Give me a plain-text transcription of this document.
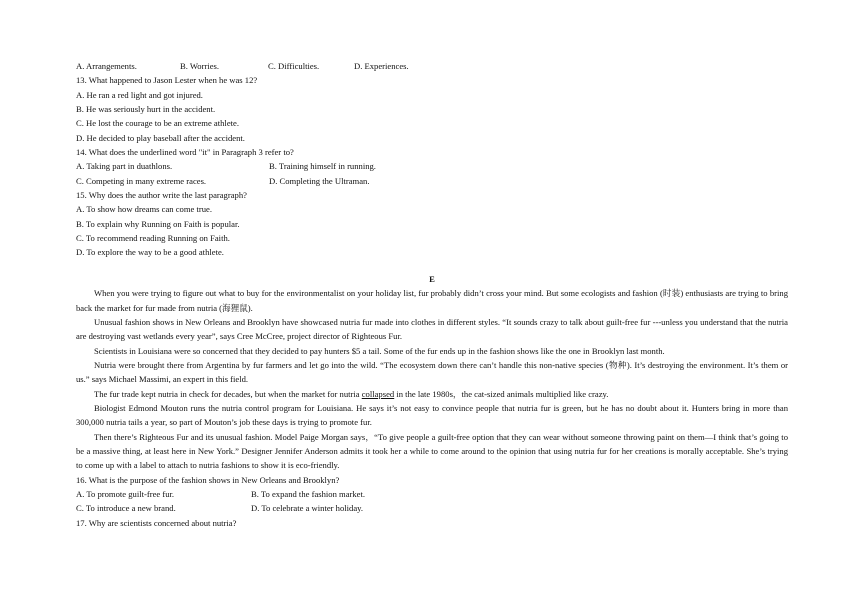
A. Arrangements.	B. Worries.	C. Difficulties.	D. Experiences.
13. What happened to Jason Lester when he was 12?
A. He ran a red light and got injured.
B. He was seriously hurt in the accident.
C. He lost the courage to be an extreme athlete.
D. He decided to play baseball after the accident.
14. What does the underlined word "it" in Paragraph 3 refer to?
A. Taking part in duathlons.	B. Training himself in running.
C. Competing in many extreme races.	D. Completing the Ultraman.
15. Why does the author write the last paragraph?
A. To show how dreams can come true.
B. To explain why Running on Faith is popular.
C. To recommend reading Running on Faith.
D. To explore the way to be a good athlete.
E
When you were trying to figure out what to buy for the environmentalist on your holiday list, fur probably didn’t cross your mind. But some ecologists and fashion (时装) enthusiasts are trying to bring back the market for fur made from nutria (海狸鼠).
Unusual fashion shows in New Orleans and Brooklyn have showcased nutria fur made into clothes in different styles. “It sounds crazy to talk about guilt-free fur ---unless you understand that the nutria are destroying vast wetlands every year”, says Cree McCree, project director of Righteous Fur.
Scientists in Louisiana were so concerned that they decided to pay hunters $5 a tail. Some of the fur ends up in the fashion shows like the one in Brooklyn last month.
Nutria were brought there from Argentina by fur farmers and let go into the wild. “The ecosystem down there can’t handle this non-native species (物种). It’s destroying the environment. It’s them or us.” says Michael Massimi, an expert in this field.
The fur trade kept nutria in check for decades, but when the market for nutria collapsed in the late 1980s，the cat-sized animals multiplied like crazy.
Biologist Edmond Mouton runs the nutria control program for Louisiana. He says it’s not easy to convince people that nutria fur is green, but he has no doubt about it. Hunters bring in more than 300,000 nutria tails a year, so part of Mouton’s job these days is trying to promote fur.
Then there’s Righteous Fur and its unusual fashion. Model Paige Morgan says，“To give people a guilt-free option that they can wear without someone throwing paint on them—I think that’s going to be a massive thing, at least here in New York.” Designer Jennifer Anderson admits it took her a while to come around to the opinion that using nutria fur for her creations is morally acceptable. She’s trying to come up with a label to attach to nutria fashions to show it is eco-friendly.
16. What is the purpose of the fashion shows in New Orleans and Brooklyn?
A. To promote guilt-free fur.	B. To expand the fashion market.
C. To introduce a new brand.	D. To celebrate a winter holiday.
17. Why are scientists concerned about nutria?
